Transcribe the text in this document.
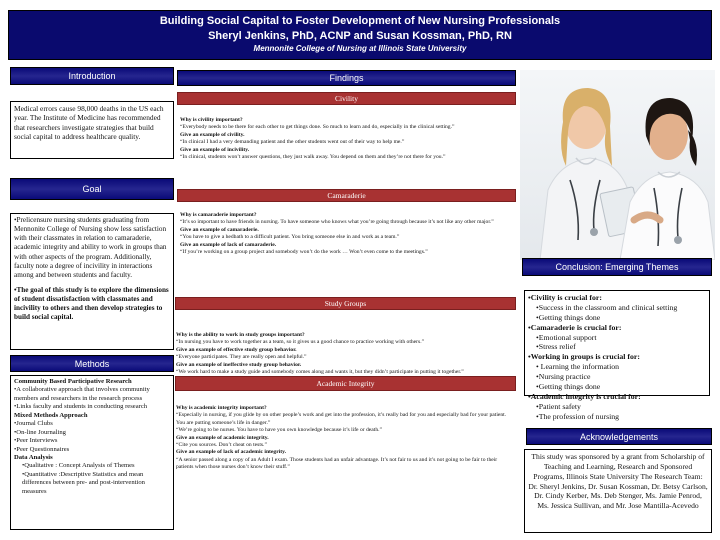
Building Social Capital to Foster Development of New Nursing Professionals
Sheryl Jenkins, PhD, ACNP and Susan Kossman, PhD, RN
Mennonite College of Nursing at Illinois State University
Introduction

Medical errors cause 98,000 deaths in the US each year. The Institute of Medicine has recommended that researchers investigate strategies that build social capital to address healthcare quality.

Goal

•Prelicensure nursing students graduating from Mennonite College of Nursing show less satisfaction with their classmates in relation to camaraderie, academic integrity and ability to work in groups than with other aspects of the program. Additionally, faculty note a degree of incivility in interactions among and between students and faculty.

•The goal of this study is to explore the dimensions of student dissatisfaction with classmates and incivility to others and then develop strategies to build social capital.

Methods

Community Based Participative Research

•A collaborative approach that involves community members and researchers in the research process

•Links faculty and students in conducting research

Mixed Methods Approach

•Journal Clubs

•On-line Journaling

•Peer Interviews

•Peer Questionnaires

Data Analysis

•Qualitative : Concept Analysis of Themes

•Quantitative :Descriptive Statistics and mean differences between pre- and post-intervention measures

Findings
Civility

Why is civility important?

“Everybody needs to be there for each other to get things done. So much to learn and do, especially in the clinical setting.”

Give an example of civility.

“In clinical I had a very demanding patient and the other students went out of their way to help me.”

Give an example of incivility.

“In clinical, students won’t answer questions, they just walk away. You depend on them and they’re not there for you.”

Camaraderie

Why is camaraderie important?

“It’s so important to have friends in nursing. To have someone who knows what you’re going through because it’s not like any other major.”

Give an example of camaraderie.

“You have to give a hedbath to a difficult patient. You bring someone else in and work as a team.”

Give an example of lack of camaraderie.

“If you’re working on a group project and somebody won’t do the work … Won’t even come to the meetings.”

Study Groups

Why is the ability to work in study groups important?

“In nursing you have to work together as a team, so it gives us a good chance to practice working with others.”

Give an example of effective study group behavior.

“Everyone participates. They are really open and helpful.”

Give an example of ineffective study group behavior.

“We work hard to make a study guide and somebody comes along and wants it, but they didn’t participate in putting it together.”

Academic Integrity

Why is academic integrity important?

“Especially in nursing, if you glide by on other people’s work and get into the profession, it’s really bad for you and especially bad for your patient. You are putting someone’s life in danger.”

“We’re going to be nurses. You have to have you own knowledge because it’s life or death.”

Give an example of academic integrity.

“Cite you sources. Don’t cheat on tests.”

Give an example of lack of academic integrity.

“A senior passed along a copy of an Adult I exam. Those students had an unfair advantage. It’s not fair to us and it’s not going to be fair to their patients when those nurses don’t know their stuff.”

Conclusion: Emerging Themes

•Civility is crucial for:

•Success in the classroom and clinical setting

•Getting things done

•Camaraderie is crucial for:

•Emotional support

•Stress relief

•Working in groups is crucial for:

• Learning the information

•Nursing practice

•Getting things done

•Academic integrity is crucial for:

•Patient safety

•The profession of nursing

Acknowledgements

This study was sponsored by a grant from Scholarship of Teaching and Learning, Research and Sponsored Programs, Illinois State University The Research Team: Dr. Sheryl Jenkins, Dr. Susan Kossman, Dr. Betsy Carlson, Dr. Cindy Kerber, Ms. Deb Stenger, Ms. Jamie Penrod, Ms. Jessica Sullivan, and Mr. Jose Mantilla-Acevedo
